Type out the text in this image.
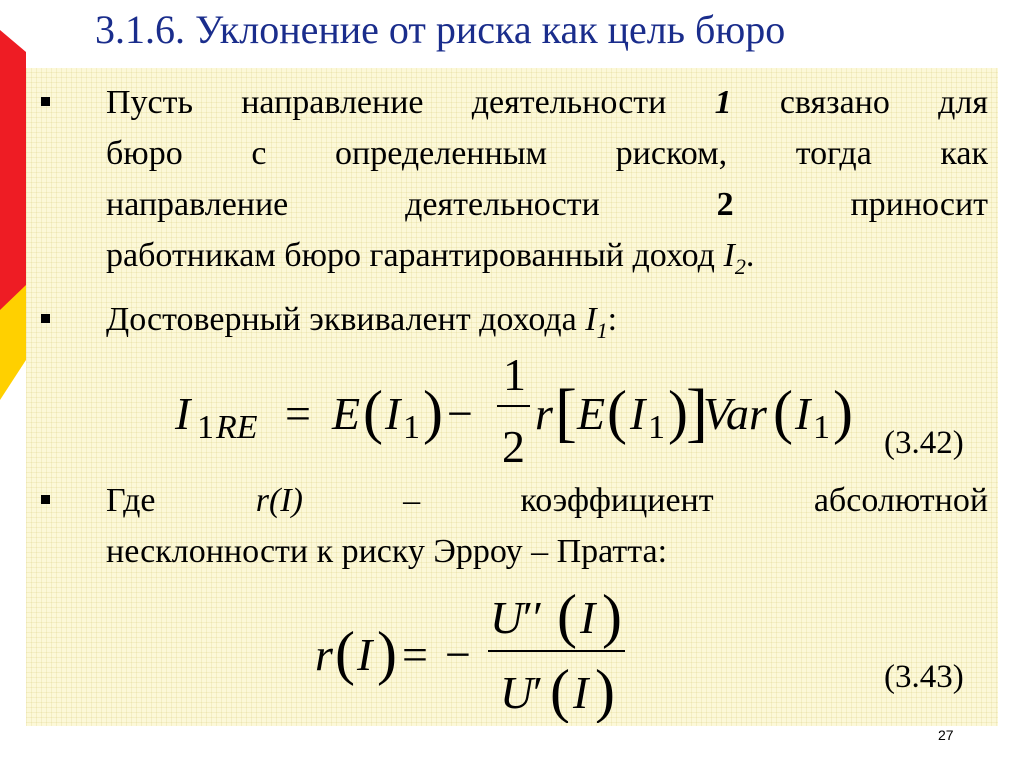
3.1.6. Уклонение от риска как цель бюро
Пусть направление деятельности 1 связано для
бюро с определенным риском, тогда как
направление	деятельности	2	приносит
работникам бюро гарантированный доход $I_2$.
Достоверный эквивалент дохода $I_1$:
I 1 RE = E ( I 1 ) −
1
2
r [ E ( I 1 )
]
Var ( I 1 ) (3.42)
Где	r(I)	–	коэффициент	абсолютной
несклонности к риску Эрроу – Пратта:
r ( I ) = −
U ′′ ( I )
U ′ ( I )	(3.43)
27
